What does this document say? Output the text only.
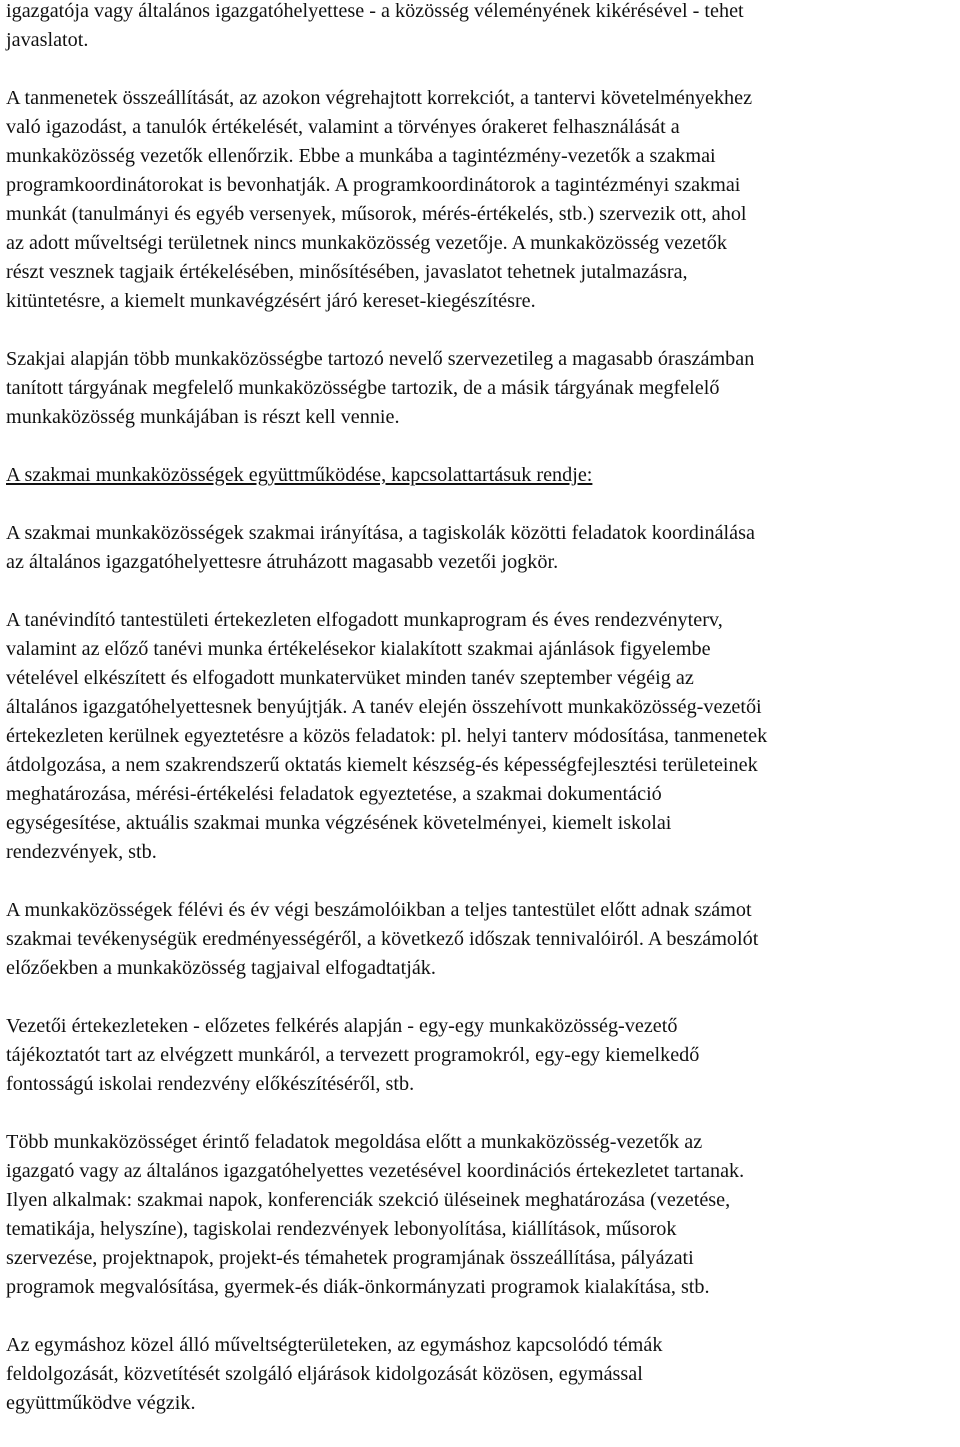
igazgatója vagy általános igazgatóhelyettese - a közösség véleményének kikérésével - tehet
javaslatot.
A tanmenetek összeállítását, az azokon végrehajtott korrekciót, a tantervi követelményekhez
való igazodást, a tanulók értékelését, valamint a törvényes órakeret felhasználását a
munkaközösség vezetők ellenőrzik. Ebbe a munkába a tagintézmény-vezetők a szakmai
programkoordinátorokat is bevonhatják. A programkoordinátorok a tagintézményi szakmai
munkát (tanulmányi és egyéb versenyek, műsorok, mérés-értékelés, stb.) szervezik ott, ahol
az adott műveltségi területnek nincs munkaközösség vezetője. A munkaközösség vezetők
részt vesznek tagjaik értékelésében, minősítésében, javaslatot tehetnek jutalmazásra,
kitüntetésre, a kiemelt munkavégzésért járó kereset-kiegészítésre.
Szakjai alapján több munkaközösségbe tartozó nevelő szervezetileg a magasabb óraszámban
tanított tárgyának megfelelő munkaközösségbe tartozik, de a másik tárgyának megfelelő
munkaközösség munkájában is részt kell vennie.
A szakmai munkaközösségek együttműködése, kapcsolattartásuk rendje:
A szakmai munkaközösségek szakmai irányítása, a tagiskolák közötti feladatok koordinálása
az általános igazgatóhelyettesre átruházott magasabb vezetői jogkör.
A tanévindító tantestületi értekezleten elfogadott munkaprogram és éves rendezvényterv,
valamint az előző tanévi munka értékelésekor kialakított szakmai ajánlások figyelembe
vételével elkészített és elfogadott munkatervüket minden tanév szeptember végéig az
általános igazgatóhelyettesnek benyújtják. A tanév elején összehívott munkaközösség-vezetői
értekezleten kerülnek egyeztetésre a közös feladatok: pl. helyi tanterv módosítása, tanmenetek
átdolgozása, a nem szakrendszerű oktatás kiemelt készség-és képességfejlesztési területeinek
meghatározása, mérési-értékelési feladatok egyeztetése, a szakmai dokumentáció
egységesítése, aktuális szakmai munka végzésének követelményei, kiemelt iskolai
rendezvények, stb.
A munkaközösségek félévi és év végi beszámolóikban a teljes tantestület előtt adnak számot
szakmai tevékenységük eredményességéről, a következő időszak tennivalóiról. A beszámolót
előzőekben a munkaközösség tagjaival elfogadtatják.
Vezetői értekezleteken - előzetes felkérés alapján - egy-egy munkaközösség-vezető
tájékoztatót tart az elvégzett munkáról, a tervezett programokról, egy-egy kiemelkedő
fontosságú iskolai rendezvény előkészítéséről, stb.
Több munkaközösséget érintő feladatok megoldása előtt a munkaközösség-vezetők az
igazgató vagy az általános igazgatóhelyettes vezetésével koordinációs értekezletet tartanak.
Ilyen alkalmak: szakmai napok, konferenciák szekció üléseinek meghatározása (vezetése,
tematikája, helyszíne), tagiskolai rendezvények lebonyolítása, kiállítások, műsorok
szervezése, projektnapok, projekt-és témahetek programjának összeállítása, pályázati
programok megvalósítása, gyermek-és diák-önkormányzati programok kialakítása, stb.
Az egymáshoz közel álló műveltségterületeken, az egymáshoz kapcsolódó témák
feldolgozását, közvetítését szolgáló eljárások kidolgozását közösen, egymással
együttműködve végzik.
